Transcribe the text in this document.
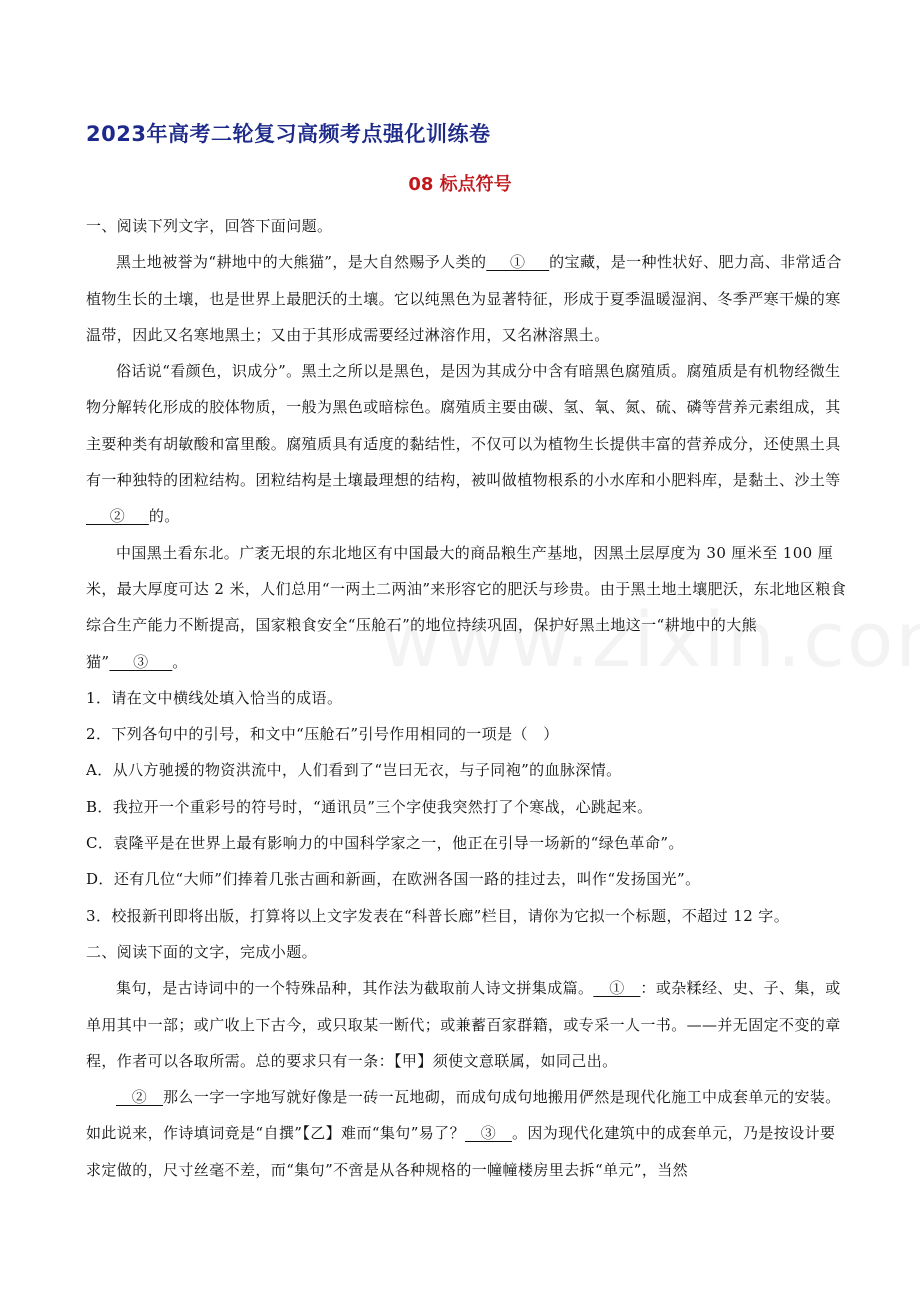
2023年高考二轮复习高频考点强化训练卷
08 标点符号

一、阅读下列文字，回答下面问题。

黑土地被誉为“耕地中的大熊猫”，是大自然赐予人类的___①___的宝藏，是一种性状好、肥力高、非常适合植物生长的土壤，也是世界上最肥沃的土壤。它以纯黑色为显著特征，形成于夏季温暖湿润、冬季严寒干燥的寒温带，因此又名寒地黑土；又由于其形成需要经过淋溶作用，又名淋溶黑土。

俗话说“看颜色，识成分”。黑土之所以是黑色，是因为其成分中含有暗黑色腐殖质。腐殖质是有机物经微生物分解转化形成的胶体物质，一般为黑色或暗棕色。腐殖质主要由碳、氢、氧、氮、硫、磷等营养元素组成，其主要种类有胡敏酸和富里酸。腐殖质具有适度的黏结性，不仅可以为植物生长提供丰富的营养成分，还使黑土具有一种独特的团粒结构。团粒结构是土壤最理想的结构，被叫做植物根系的小水库和小肥料库，是黏土、沙土等___②___的。

中国黑土看东北。广袤无垠的东北地区有中国最大的商品粮生产基地，因黑土层厚度为 30 厘米至 100 厘米，最大厚度可达 2 米，人们总用“一两土二两油”来形容它的肥沃与珍贵。由于黑土地土壤肥沃，东北地区粮食综合生产能力不断提高，国家粮食安全“压舱石”的地位持续巩固，保护好黑土地这一“耕地中的大熊猫”___③___。

1．请在文中横线处填入恰当的成语。

2．下列各句中的引号，和文中“压舱石”引号作用相同的一项是（　）

A．从八方驰援的物资洪流中，人们看到了“岂曰无衣，与子同袍”的血脉深情。

B．我拉开一个重彩号的符号时，“通讯员”三个字使我突然打了个寒战，心跳起来。

C．袁隆平是在世界上最有影响力的中国科学家之一，他正在引导一场新的“绿色革命”。

D．还有几位“大师”们捧着几张古画和新画，在欧洲各国一路的挂过去，叫作“发扬国光”。

3．校报新刊即将出版，打算将以上文字发表在“科普长廊”栏目，请你为它拟一个标题，不超过 12 字。

二、阅读下面的文字，完成小题。

集句，是古诗词中的一个特殊品种，其作法为截取前人诗文拼集成篇。__①__：或杂糅经、史、子、集，或单用其中一部；或广收上下古今，或只取某一断代；或兼蓄百家群籍，或专采一人一书。——并无固定不变的章程，作者可以各取所需。总的要求只有一条：【甲】须使文意联属，如同己出。

__②__那么一字一字地写就好像是一砖一瓦地砌，而成句成句地搬用俨然是现代化施工中成套单元的安装。如此说来，作诗填词竟是“自撰”【乙】难而“集句”易了？__③__。因为现代化建筑中的成套单元，乃是按设计要求定做的，尺寸丝毫不差，而“集句”不啻是从各种规格的一幢幢楼房里去拆“单元”，当然
